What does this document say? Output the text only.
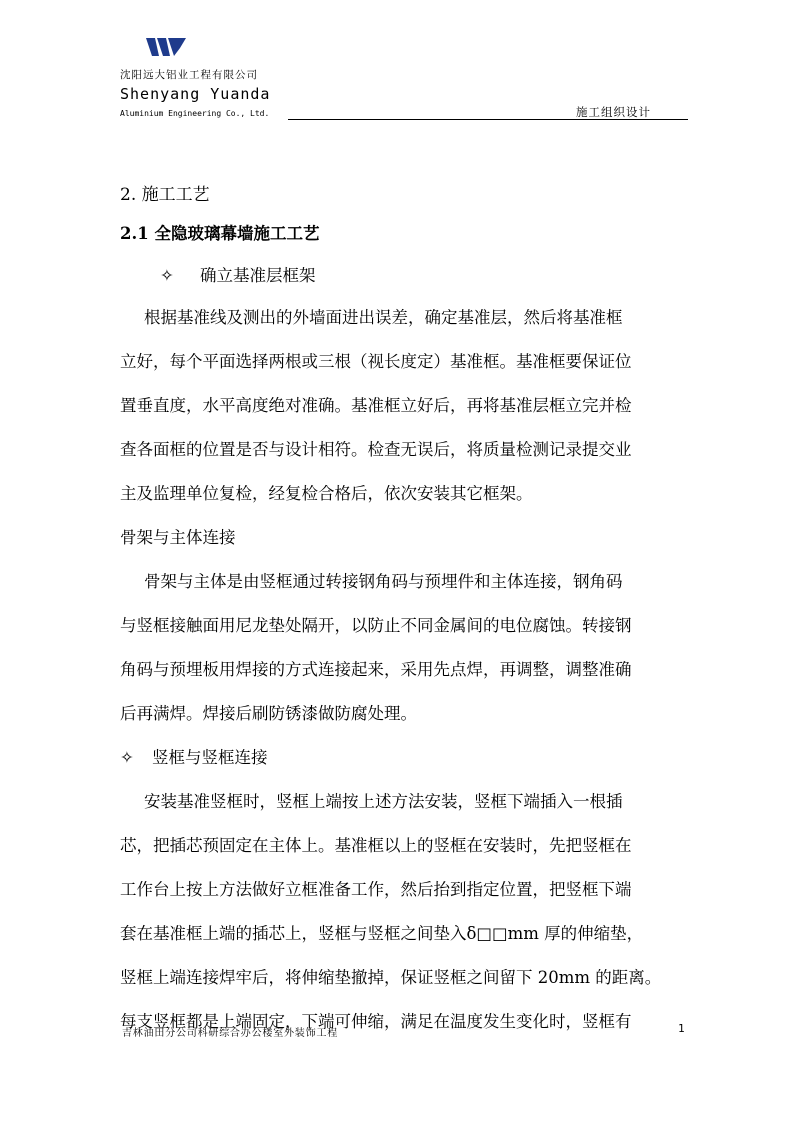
沈阳远大铝业工程有限公司
Shenyang Yuanda
Aluminium Engineering Co., Ltd.	施工组织设计
2. 施工工艺
2.1 全隐玻璃幕墙施工工艺
✧ 确立基准层框架
根据基准线及测出的外墙面进出误差，确定基准层，然后将基准框
立好，每个平面选择两根或三根（视长度定）基准框。基准框要保证位
置垂直度，水平高度绝对准确。基准框立好后，再将基准层框立完并检
查各面框的位置是否与设计相符。检查无误后，将质量检测记录提交业
主及监理单位复检，经复检合格后，依次安装其它框架。
骨架与主体连接
骨架与主体是由竖框通过转接钢角码与预埋件和主体连接，钢角码
与竖框接触面用尼龙垫处隔开，以防止不同金属间的电位腐蚀。转接钢
角码与预埋板用焊接的方式连接起来，采用先点焊，再调整，调整准确
后再满焊。焊接后刷防锈漆做防腐处理。
✧ 竖框与竖框连接
安装基准竖框时，竖框上端按上述方法安装，竖框下端插入一根插
芯，把插芯预固定在主体上。基准框以上的竖框在安装时，先把竖框在
工作台上按上方法做好立框准备工作，然后抬到指定位置，把竖框下端
套在基准框上端的插芯上，竖框与竖框之间垫入δ□□mm 厚的伸缩垫，
竖框上端连接焊牢后，将伸缩垫撤掉，保证竖框之间留下 20mm 的距离。
每支竖框都是上端固定，下端可伸缩，满足在温度发生变化时，竖框有
吉林油田分公司科研综合办公楼室外装饰工程	1
